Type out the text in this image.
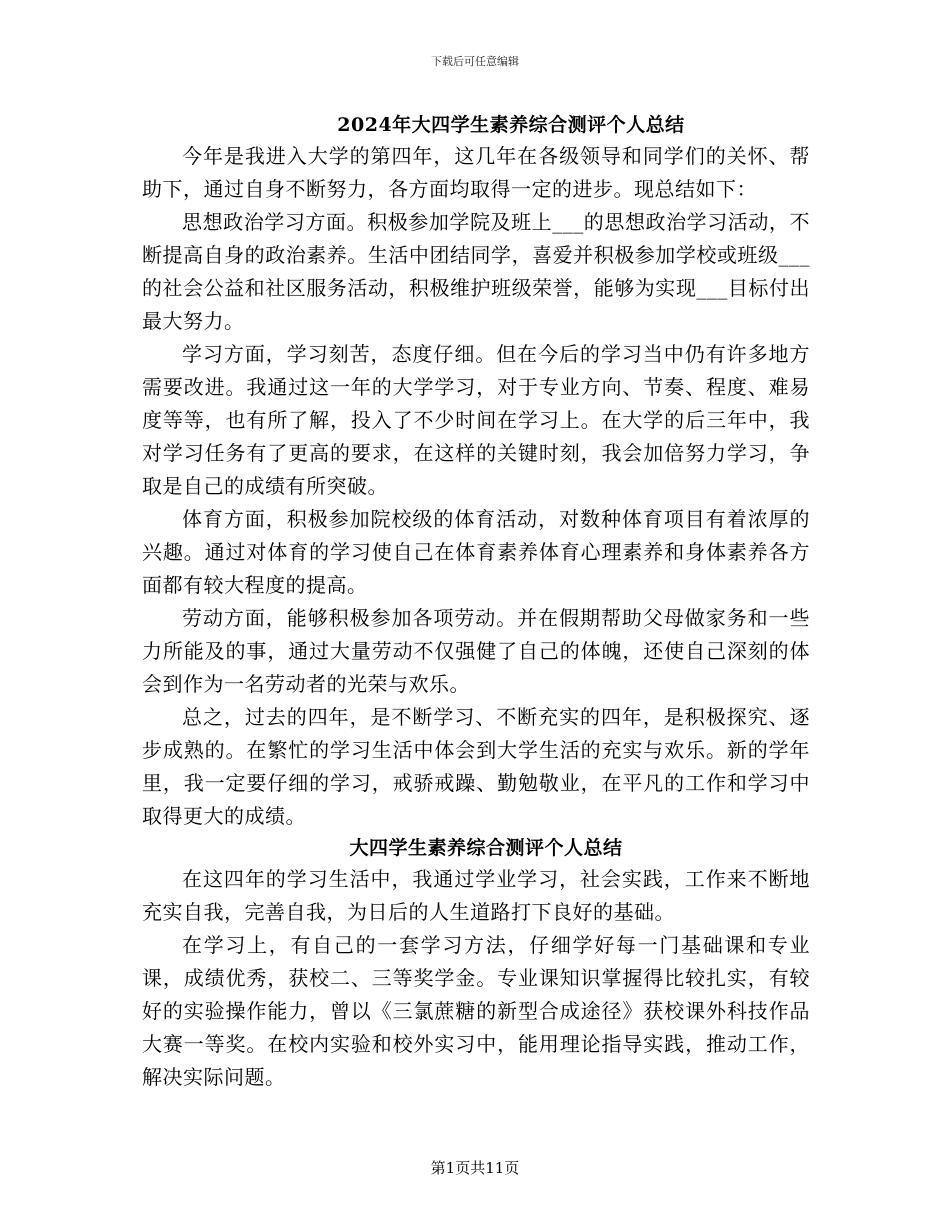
下载后可任意编辑
2024年大四学生素养综合测评个人总结

今年是我进入大学的第四年，这几年在各级领导和同学们的关怀、帮助下，通过自身不断努力，各方面均取得一定的进步。现总结如下：

思想政治学习方面。积极参加学院及班上___的思想政治学习活动，不断提高自身的政治素养。生活中团结同学，喜爱并积极参加学校或班级___的社会公益和社区服务活动，积极维护班级荣誉，能够为实现___目标付出最大努力。

学习方面，学习刻苦，态度仔细。但在今后的学习当中仍有许多地方需要改进。我通过这一年的大学学习，对于专业方向、节奏、程度、难易度等等，也有所了解，投入了不少时间在学习上。在大学的后三年中，我对学习任务有了更高的要求，在这样的关键时刻，我会加倍努力学习，争取是自己的成绩有所突破。

体育方面，积极参加院校级的体育活动，对数种体育项目有着浓厚的兴趣。通过对体育的学习使自己在体育素养体育心理素养和身体素养各方面都有较大程度的提高。

劳动方面，能够积极参加各项劳动。并在假期帮助父母做家务和一些力所能及的事，通过大量劳动不仅强健了自己的体魄，还使自己深刻的体会到作为一名劳动者的光荣与欢乐。

总之，过去的四年，是不断学习、不断充实的四年，是积极探究、逐步成熟的。在繁忙的学习生活中体会到大学生活的充实与欢乐。新的学年里，我一定要仔细的学习，戒骄戒躁、勤勉敬业，在平凡的工作和学习中取得更大的成绩。

大四学生素养综合测评个人总结

在这四年的学习生活中，我通过学业学习，社会实践，工作来不断地充实自我，完善自我，为日后的人生道路打下良好的基础。

在学习上，有自己的一套学习方法，仔细学好每一门基础课和专业课，成绩优秀，获校二、三等奖学金。专业课知识掌握得比较扎实，有较好的实验操作能力，曾以《三氯蔗糖的新型合成途径》获校课外科技作品大赛一等奖。在校内实验和校外实习中，能用理论指导实践，推动工作，解决实际问题。

第1页共11页
